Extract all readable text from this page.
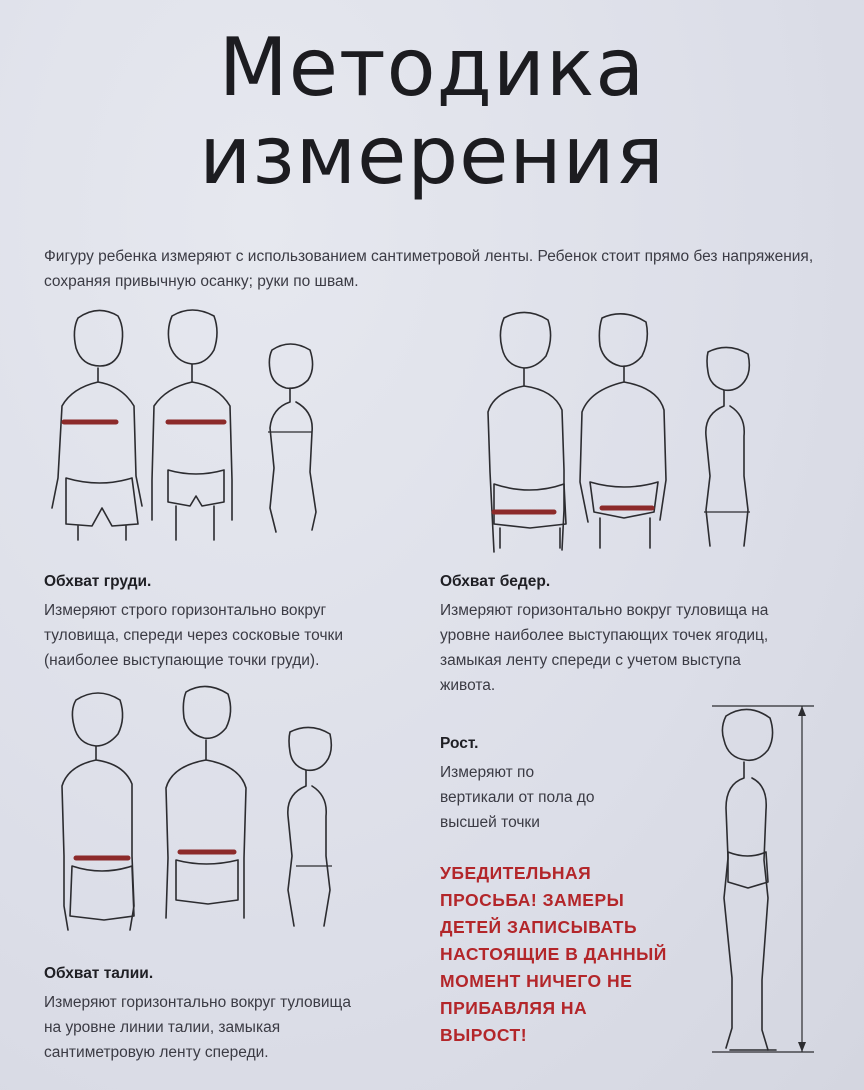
Методика
измерения
Фигуру ребенка измеряют с использованием сантиметровой ленты. Ребенок стоит прямо без напряжения, сохраняя привычную осанку; руки по швам.
Обхват груди.

Измеряют строго горизонтально вокруг
туловища, спереди через сосковые точки
(наиболее выступающие точки груди).

Обхват бедер.

Измеряют горизонтально вокруг туловища на
уровне наиболее выступающих точек ягодиц,
замыкая ленту спереди с учетом выступа
живота.

Рост.

Измеряют по
вертикали от пола до
высшей точки

УБЕДИТЕЛЬНАЯ
ПРОСЬБА! ЗАМЕРЫ
ДЕТЕЙ ЗАПИСЫВАТЬ
НАСТОЯЩИЕ В ДАННЫЙ
МОМЕНТ НИЧЕГО НЕ
ПРИБАВЛЯЯ НА
ВЫРОСТ!
Обхват талии.

Измеряют горизонтально вокруг туловища
на уровне линии талии, замыкая
сантиметровую ленту спереди.
